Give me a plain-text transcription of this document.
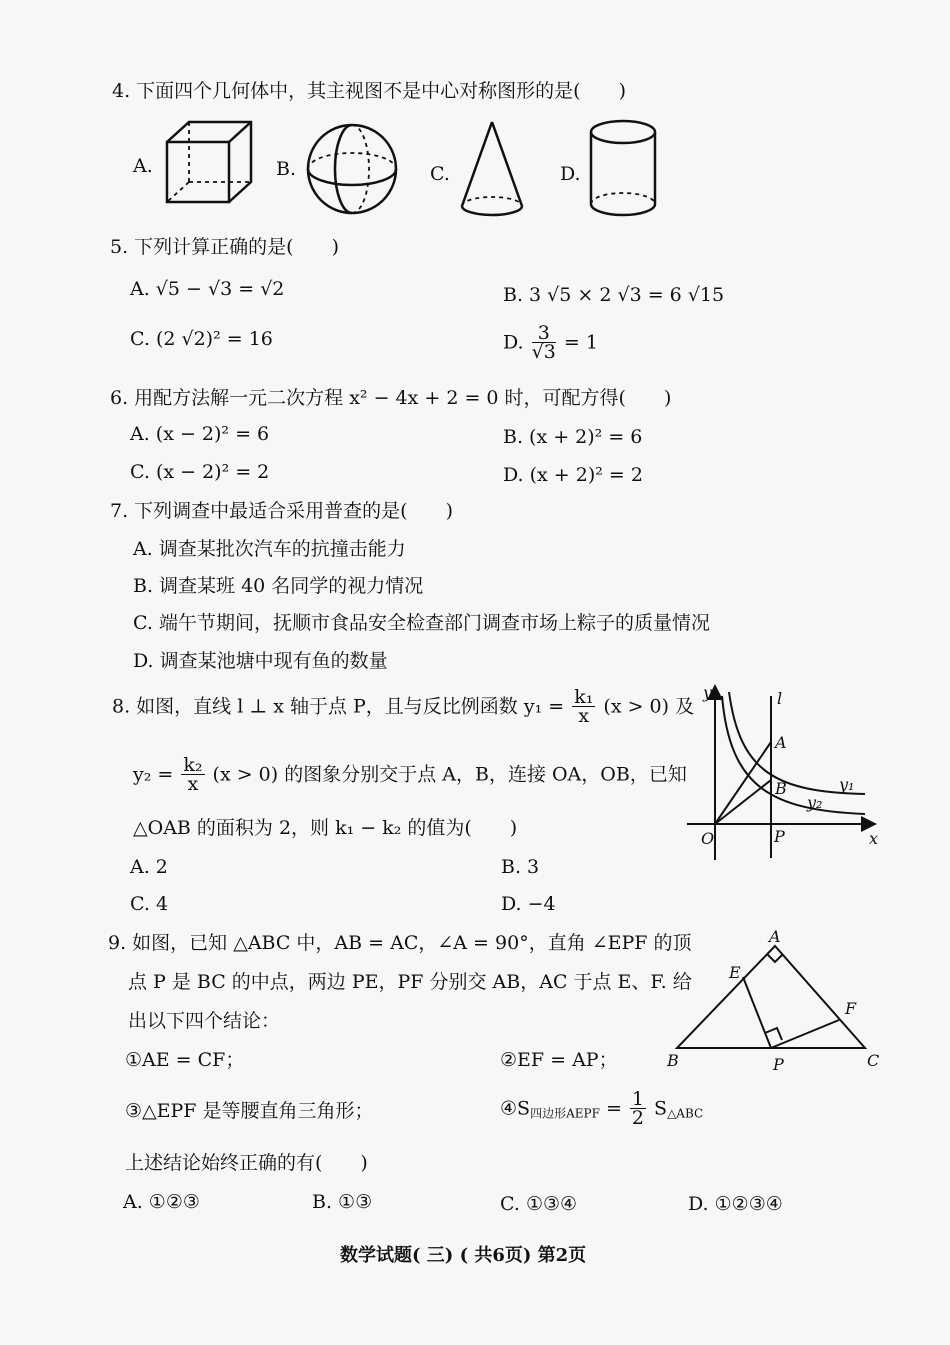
4. 下面四个几何体中，其主视图不是中心对称图形的是(　　)
A.	B.	C.	D.
5. 下列计算正确的是(　　)
A. √5 − √3 = √2	B. 3 √5 × 2 √3 = 6 √15
C. (2 √2)² = 16	D. $\frac{3}{√3} = 1$
6. 用配方法解一元二次方程 x² − 4x + 2 = 0 时，可配方得(　　)
A. (x − 2)² = 6	B. (x + 2)² = 6
C. (x − 2)² = 2	D. (x + 2)² = 2
7. 下列调查中最适合采用普查的是(　　)
A. 调查某批次汽车的抗撞击能力
B. 调查某班 40 名同学的视力情况
C. 端午节期间，抚顺市食品安全检查部门调查市场上粽子的质量情况
D. 调查某池塘中现有鱼的数量
8. 如图，直线 l ⊥ x 轴于点 P，且与反比例函数 $y_1 = \frac{\text{k₁}}{x} (x > 0)$ 及
$y_2 = \frac{\text{k₂}}{x} (x > 0)$ 的图象分别交于点 A，B，连接 OA，OB，已知
△OAB 的面积为 2，则 k₁ − k₂ 的值为(　　)
A. 2	B. 3
C. 4	D. −4
y	l
A
B
O	P	x
y₁
y₂
9. 如图，已知 △ABC 中，AB = AC，∠A = 90°，直角 ∠EPF 的顶
点 P 是 BC 的中点，两边 PE，PF 分别交 AB，AC 于点 E、F. 给
出以下四个结论：
①AE = CF；	②EF = AP；
③△EPF 是等腰直角三角形；	$④S_{四边形AEPF} = \frac{1}{2} S_{\triangle ABC}$
上述结论始终正确的有(　　)
A. ①②③	B. ①③	C. ①③④	D. ①②③④
A
E
F
B	P	C
数学试题( 三) ( 共6页) 第2页
